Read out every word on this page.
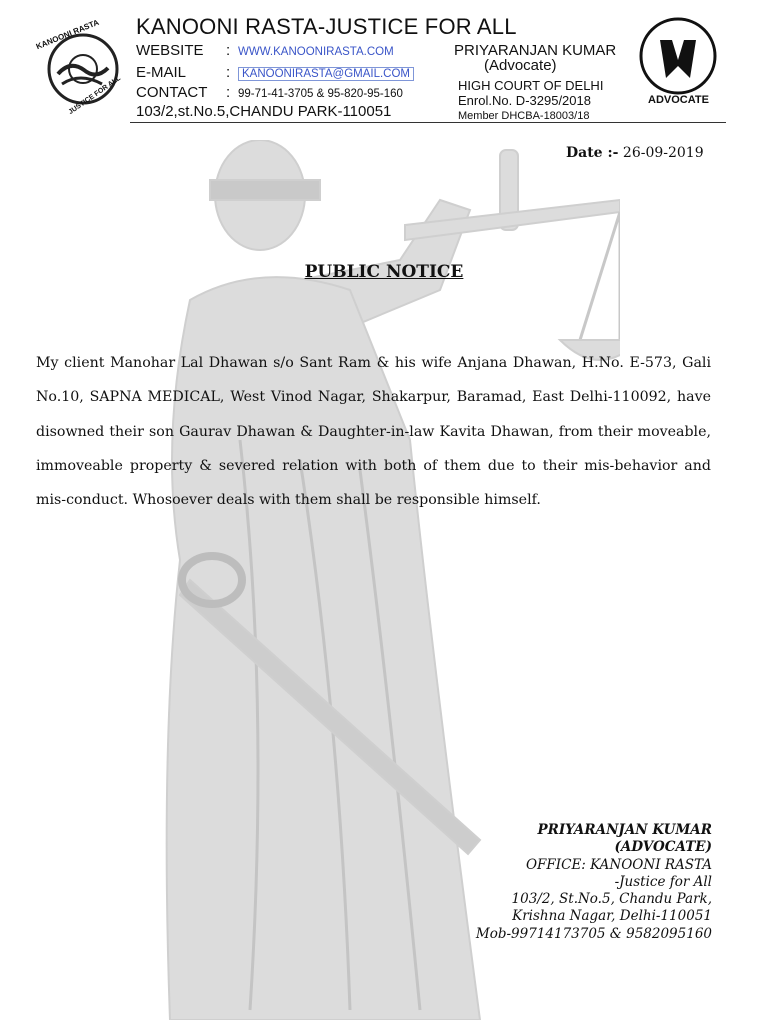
KANOONI RASTA
JUSTICE FOR ALL
KANOONI RASTA-JUSTICE FOR ALL
WEBSITE : WWW.KANOONIRASTA.COM
E-MAIL	: KANOONIRASTA@GMAIL.COM
CONTACT : 99-71-41-3705 & 95-820-95-160
103/2,st.No.5,CHANDU PARK-110051
PRIYARANJAN KUMAR
(Advocate)
HIGH COURT OF DELHI
Enrol.No. D-3295/2018
Member DHCBA-18003/18
ADVOCATE
Date :- 26-09-2019
PUBLIC NOTICE
My client Manohar Lal Dhawan s/o Sant Ram & his wife Anjana Dhawan, H.No. E-573, Gali No.10, SAPNA MEDICAL, West Vinod Nagar, Shakarpur, Baramad, East Delhi-110092, have disowned their son Gaurav Dhawan & Daughter-in-law Kavita Dhawan, from their moveable, immoveable property & severed relation with both of them due to their mis-behavior and mis-conduct. Whosoever deals with them shall be responsible himself.
PRIYARANJAN KUMAR
(ADVOCATE)
OFFICE: KANOONI RASTA
-Justice for All
103/2, St.No.5, Chandu Park,
Krishna Nagar, Delhi-110051
Mob-99714173705 & 9582095160
